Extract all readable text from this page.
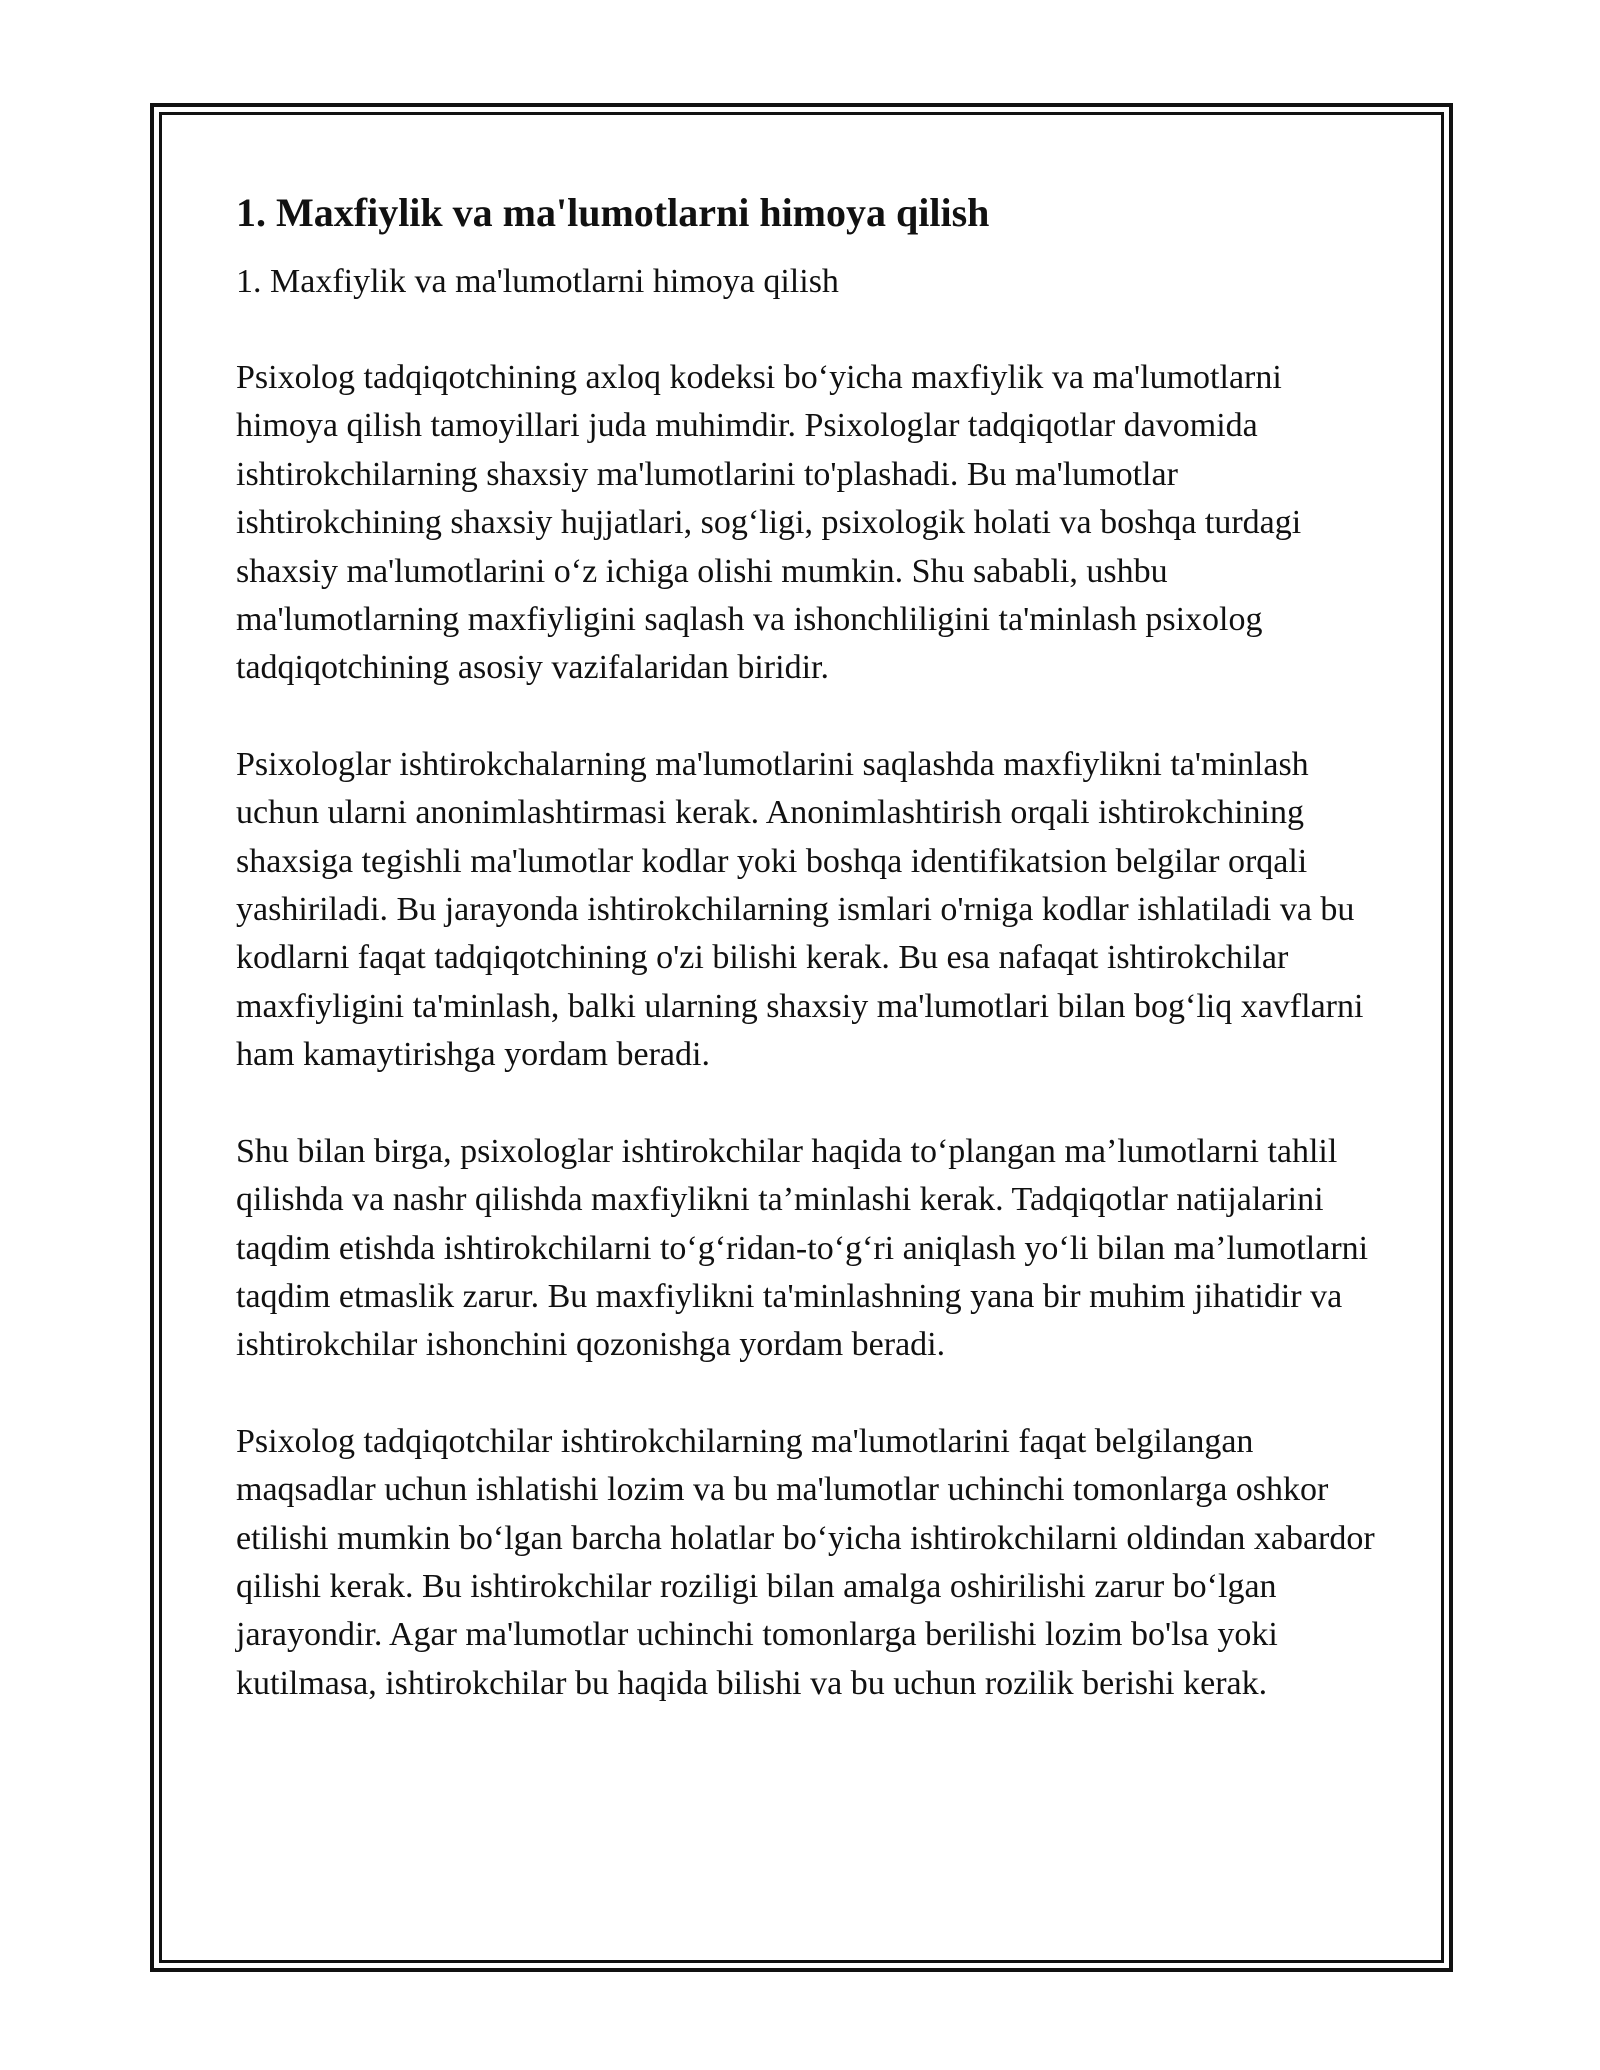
1. Maxfiylik va ma'lumotlarni himoya qilish

1. Maxfiylik va ma'lumotlarni himoya qilish

Psixolog tadqiqotchining axloq kodeksi bo‘yicha maxfiylik va ma'lumotlarni himoya qilish tamoyillari juda muhimdir. Psixologlar tadqiqotlar davomida ishtirokchilarning shaxsiy ma'lumotlarini to'plashadi. Bu ma'lumotlar ishtirokchining shaxsiy hujjatlari, sog‘ligi, psixologik holati va boshqa turdagi shaxsiy ma'lumotlarini o‘z ichiga olishi mumkin. Shu sababli, ushbu ma'lumotlarning maxfiyligini saqlash va ishonchliligini ta'minlash psixolog tadqiqotchining asosiy vazifalaridan biridir.

Psixologlar ishtirokchalarning ma'lumotlarini saqlashda maxfiylikni ta'minlash uchun ularni anonimlashtirmasi kerak. Anonimlashtirish orqali ishtirokchining shaxsiga tegishli ma'lumotlar kodlar yoki boshqa identifikatsion belgilar orqali yashiriladi. Bu jarayonda ishtirokchilarning ismlari o'rniga kodlar ishlatiladi va bu kodlarni faqat tadqiqotchining o'zi bilishi kerak. Bu esa nafaqat ishtirokchilar maxfiyligini ta'minlash, balki ularning shaxsiy ma'lumotlari bilan bog‘liq xavflarni ham kamaytirishga yordam beradi.

Shu bilan birga, psixologlar ishtirokchilar haqida to‘plangan ma’lumotlarni tahlil qilishda va nashr qilishda maxfiylikni ta’minlashi kerak. Tadqiqotlar natijalarini taqdim etishda ishtirokchilarni to‘g‘ridan-to‘g‘ri aniqlash yo‘li bilan ma’lumotlarni taqdim etmaslik zarur. Bu maxfiylikni ta'minlashning yana bir muhim jihatidir va ishtirokchilar ishonchini qozonishga yordam beradi.

Psixolog tadqiqotchilar ishtirokchilarning ma'lumotlarini faqat belgilangan maqsadlar uchun ishlatishi lozim va bu ma'lumotlar uchinchi tomonlarga oshkor etilishi mumkin bo‘lgan barcha holatlar bo‘yicha ishtirokchilarni oldindan xabardor qilishi kerak. Bu ishtirokchilar roziligi bilan amalga oshirilishi zarur bo‘lgan jarayondir. Agar ma'lumotlar uchinchi tomonlarga berilishi lozim bo'lsa yoki kutilmasa, ishtirokchilar bu haqida bilishi va bu uchun rozilik berishi kerak.
